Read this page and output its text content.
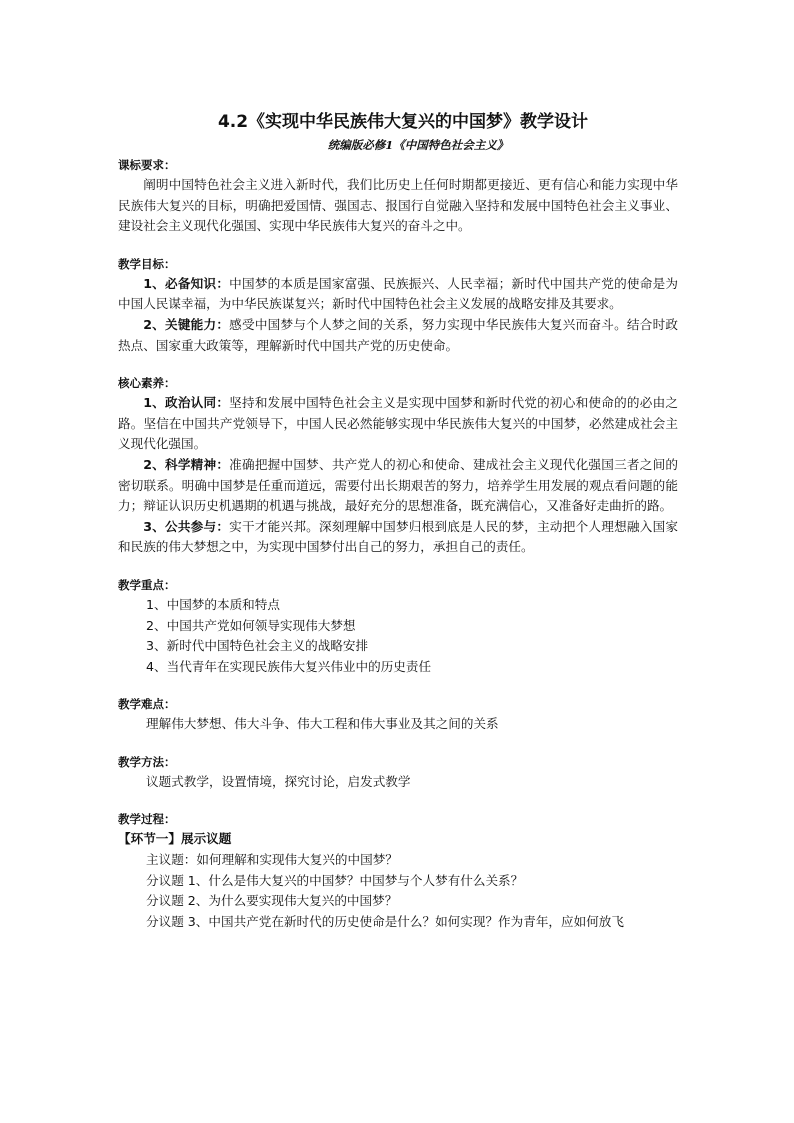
4.2《实现中华民族伟大复兴的中国梦》教学设计
统编版必修1《中国特色社会主义》
课标要求：
阐明中国特色社会主义进入新时代，我们比历史上任何时期都更接近、更有信心和能力实现中华民族伟大复兴的目标，明确把爱国情、强国志、报国行自觉融入坚持和发展中国特色社会主义事业、建设社会主义现代化强国、实现中华民族伟大复兴的奋斗之中。
教学目标：
1、必备知识：中国梦的本质是国家富强、民族振兴、人民幸福；新时代中国共产党的使命是为中国人民谋幸福，为中华民族谋复兴；新时代中国特色社会主义发展的战略安排及其要求。
2、关键能力：感受中国梦与个人梦之间的关系，努力实现中华民族伟大复兴而奋斗。结合时政热点、国家重大政策等，理解新时代中国共产党的历史使命。
核心素养：
1、政治认同：坚持和发展中国特色社会主义是实现中国梦和新时代党的初心和使命的的必由之路。坚信在中国共产党领导下，中国人民必然能够实现中华民族伟大复兴的中国梦，必然建成社会主义现代化强国。
2、科学精神：准确把握中国梦、共产党人的初心和使命、建成社会主义现代化强国三者之间的密切联系。明确中国梦是任重而道远，需要付出长期艰苦的努力，培养学生用发展的观点看问题的能力；辩证认识历史机遇期的机遇与挑战，最好充分的思想准备，既充满信心，又准备好走曲折的路。
3、公共参与：实干才能兴邦。深刻理解中国梦归根到底是人民的梦，主动把个人理想融入国家和民族的伟大梦想之中，为实现中国梦付出自己的努力，承担自己的责任。
教学重点：
1、中国梦的本质和特点
2、中国共产党如何领导实现伟大梦想
3、新时代中国特色社会主义的战略安排
4、当代青年在实现民族伟大复兴伟业中的历史责任
教学难点：
理解伟大梦想、伟大斗争、伟大工程和伟大事业及其之间的关系
教学方法：
议题式教学，设置情境，探究讨论，启发式教学
教学过程：
【环节一】展示议题
主议题：如何理解和实现伟大复兴的中国梦？
分议题 1、什么是伟大复兴的中国梦？中国梦与个人梦有什么关系？
分议题 2、为什么要实现伟大复兴的中国梦？
分议题 3、中国共产党在新时代的历史使命是什么？如何实现？作为青年，应如何放飞
